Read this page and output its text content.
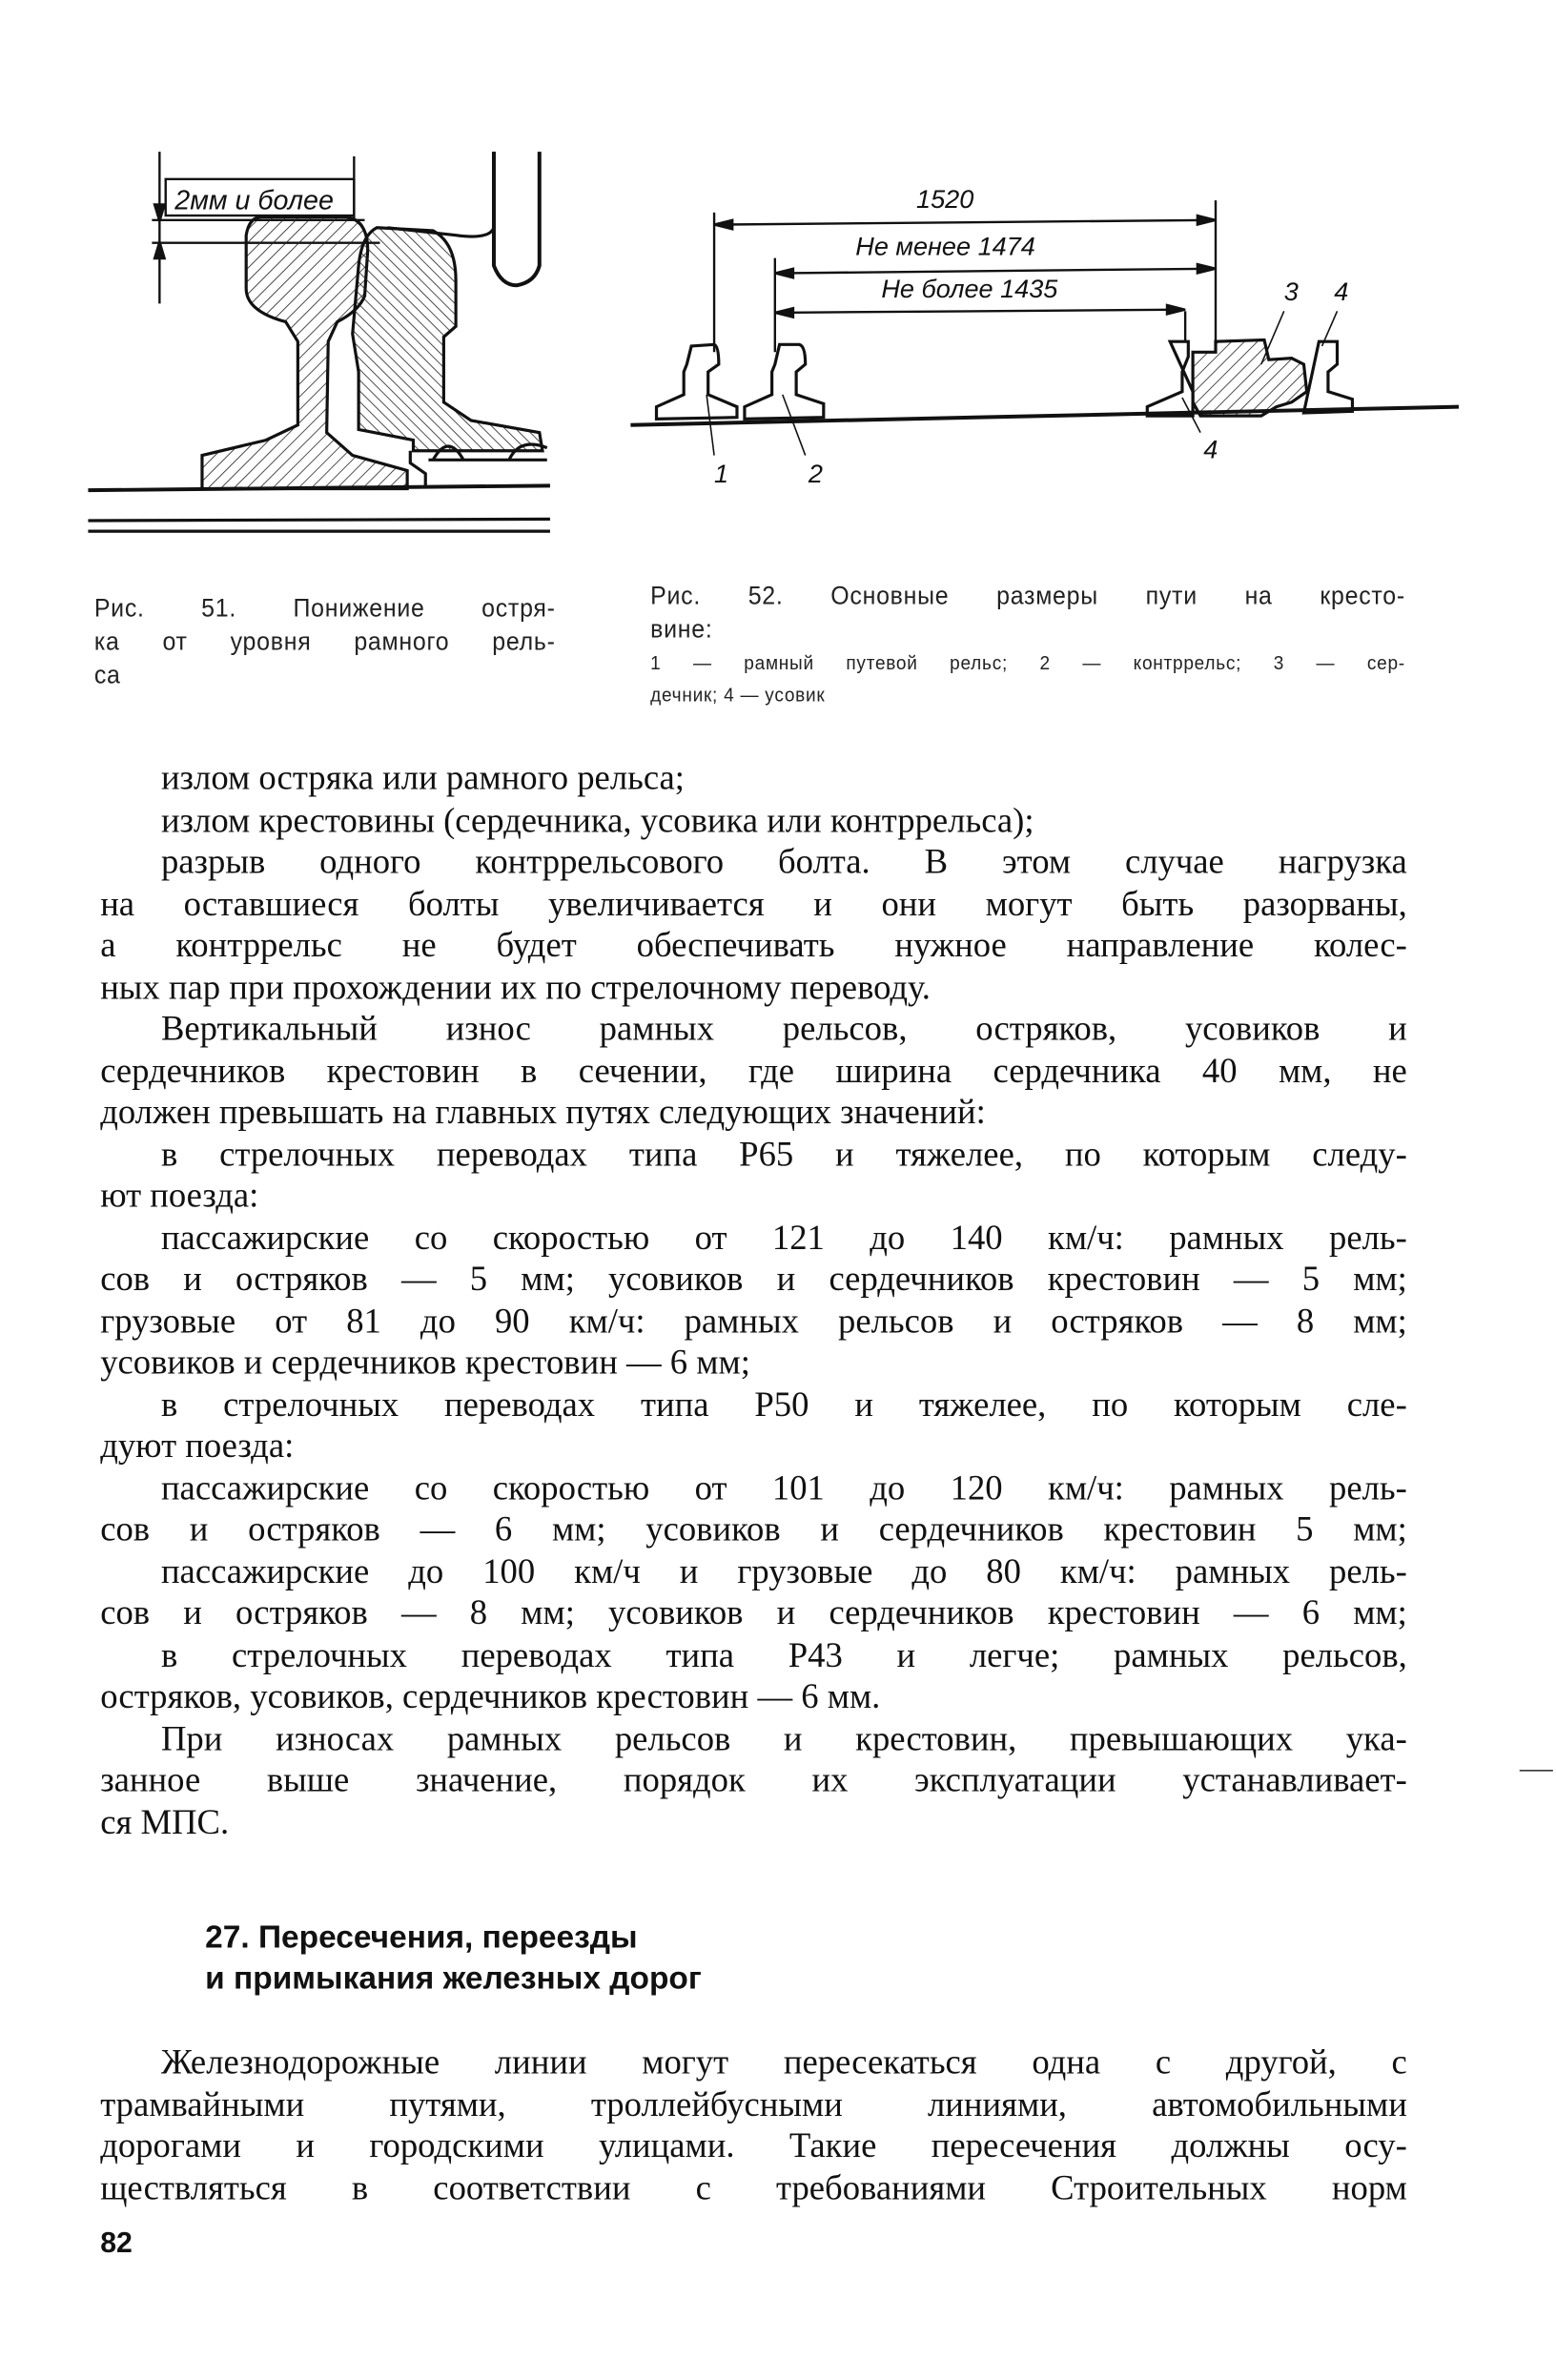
2мм и более	1520
Не менее 1474
Не более 1435
1	2
3 4
4
Рис. 51. Понижение остря-
ка от уровня рамного рель-
са
Рис. 52. Основные размеры пути на кресто-
вине:
1 — рамный путевой рельс; 2 — контррельс; 3 — сер-
дечник; 4 — усовик
излом остряка или рамного рельса;
излом крестовины (сердечника, усовика или контррельса);
разрыв одного контррельсового болта. В этом случае нагрузка
на оставшиеся болты увеличивается и они могут быть разорваны,
а контррельс не будет обеспечивать нужное направление колес-
ных пар при прохождении их по стрелочному переводу.
Вертикальный износ рамных рельсов, остряков, усовиков и
сердечников крестовин в сечении, где ширина сердечника 40 мм, не
должен превышать на главных путях следующих значений:
в стрелочных переводах типа Р65 и тяжелее, по которым следу-
ют поезда:
пассажирские со скоростью от 121 до 140 км/ч: рамных рель-
сов и остряков — 5 мм; усовиков и сердечников крестовин — 5 мм;
грузовые от 81 до 90 км/ч: рамных рельсов и остряков — 8 мм;
усовиков и сердечников крестовин — 6 мм;
в стрелочных переводах типа Р50 и тяжелее, по которым сле-
дуют поезда:
пассажирские со скоростью от 101 до 120 км/ч: рамных рель-
сов и остряков — 6 мм; усовиков и сердечников крестовин 5 мм;
пассажирские до 100 км/ч и грузовые до 80 км/ч: рамных рель-
сов и остряков — 8 мм; усовиков и сердечников крестовин — 6 мм;
в стрелочных переводах типа Р43 и легче; рамных рельсов,
остряков, усовиков, сердечников крестовин — 6 мм.
При износах рамных рельсов и крестовин, превышающих ука-
занное выше значение, порядок их эксплуатации устанавливает-
ся МПС.
27. Пересечения, переезды
и примыкания железных дорог
Железнодорожные линии могут пересекаться одна с другой, с
трамвайными путями, троллейбусными линиями, автомобильными
дорогами и городскими улицами. Такие пересечения должны осу-
ществляться в соответствии с требованиями Строительных норм
82
